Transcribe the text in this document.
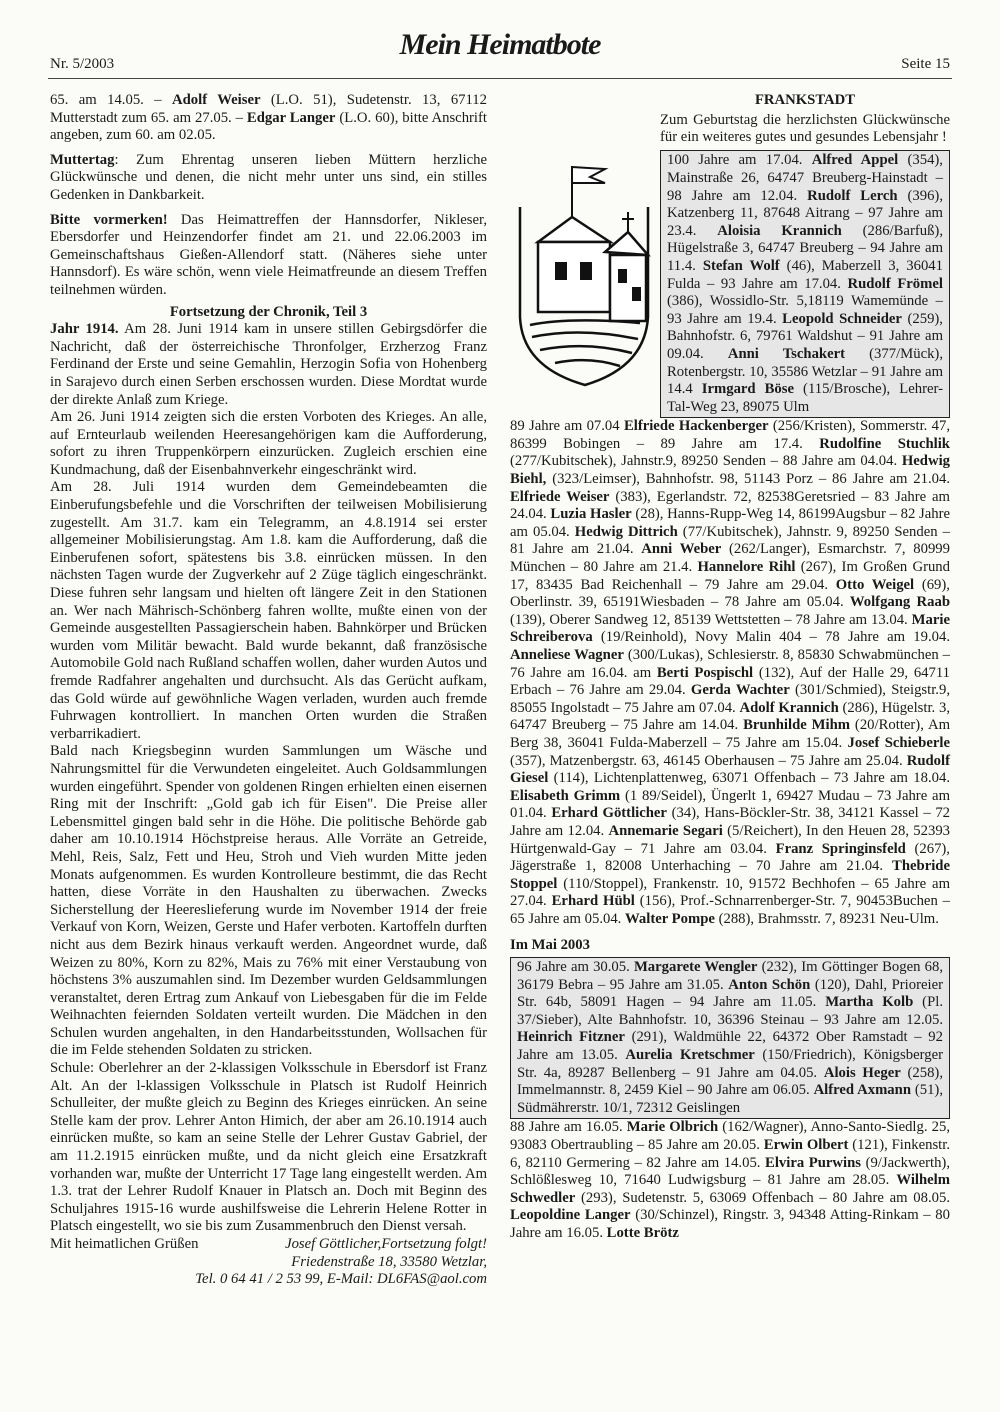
Nr. 5/2003
Mein Heimatbote
Seite 15

65. am 14.05. – Adolf Weiser (L.O. 51), Sudetenstr. 13, 67112 Mutterstadt zum 65. am 27.05. – Edgar Langer (L.O. 60), bitte Anschrift angeben, zum 60. am 02.05.

Muttertag: Zum Ehrentag unseren lieben Müttern herzliche Glückwünsche und denen, die nicht mehr unter uns sind, ein stilles Gedenken in Dankbarkeit.

Bitte vormerken! Das Heimattreffen der Hannsdorfer, Nikleser, Ebersdorfer und Heinzendorfer findet am 21. und 22.06.2003 im Gemeinschaftshaus Gießen-Allendorf statt. (Näheres siehe unter Hannsdorf). Es wäre schön, wenn viele Heimatfreunde an diesem Treffen teilnehmen würden.

Fortsetzung der Chronik, Teil 3

Jahr 1914. Am 28. Juni 1914 kam in unsere stillen Gebirgsdörfer die Nachricht, daß der österreichische Thronfolger, Erzherzog Franz Ferdinand der Erste und seine Gemahlin, Herzogin Sofia von Hohenberg in Sarajevo durch einen Serben erschossen wurden. Diese Mordtat wurde der direkte Anlaß zum Kriege.

Am 26. Juni 1914 zeigten sich die ersten Vorboten des Krieges. An alle, auf Ernteurlaub weilenden Heeresangehörigen kam die Aufforderung, sofort zu ihren Truppenkörpern einzurücken. Zugleich erschien eine Kundmachung, daß der Eisenbahnverkehr eingeschränkt wird.

Am 28. Juli 1914 wurden dem Gemeindebeamten die Einberufungsbefehle und die Vorschriften der teilweisen Mobilisierung zugestellt. Am 31.7. kam ein Telegramm, an 4.8.1914 sei erster allgemeiner Mobilisierungstag. Am 1.8. kam die Aufforderung, daß die Einberufenen sofort, spätestens bis 3.8. einrücken müssen. In den nächsten Tagen wurde der Zugverkehr auf 2 Züge täglich eingeschränkt. Diese fuhren sehr langsam und hielten oft längere Zeit in den Stationen an. Wer nach Mährisch-Schönberg fahren wollte, mußte einen von der Gemeinde ausgestellten Passagierschein haben. Bahnkörper und Brücken wurden vom Militär bewacht. Bald wurde bekannt, daß französische Automobile Gold nach Rußland schaffen wollen, daher wurden Autos und fremde Radfahrer angehalten und durchsucht. Als das Gerücht aufkam, das Gold würde auf gewöhnliche Wagen verladen, wurden auch fremde Fuhrwagen kontrolliert. In manchen Orten wurden die Straßen verbarrikadiert.

Bald nach Kriegsbeginn wurden Sammlungen um Wäsche und Nahrungsmittel für die Verwundeten eingeleitet. Auch Goldsammlungen wurden eingeführt. Spender von goldenen Ringen erhielten einen eisernen Ring mit der Inschrift: „Gold gab ich für Eisen". Die Preise aller Lebensmittel gingen bald sehr in die Höhe. Die politische Behörde gab daher am 10.10.1914 Höchstpreise heraus. Alle Vorräte an Getreide, Mehl, Reis, Salz, Fett und Heu, Stroh und Vieh wurden Mitte jeden Monats aufgenommen. Es wurden Kontrolleure bestimmt, die das Recht hatten, diese Vorräte in den Haushalten zu überwachen. Zwecks Sicherstellung der Heereslieferung wurde im November 1914 der freie Verkauf von Korn, Weizen, Gerste und Hafer verboten. Kartoffeln durften nicht aus dem Bezirk hinaus verkauft werden. Angeordnet wurde, daß Weizen zu 80%, Korn zu 82%, Mais zu 76% mit einer Verstaubung von höchstens 3% auszumahlen sind. Im Dezember wurden Geldsammlungen veranstaltet, deren Ertrag zum Ankauf von Liebesgaben für die im Felde Weihnachten feiernden Soldaten verteilt wurden. Die Mädchen in den Schulen wurden angehalten, in den Handarbeitsstunden, Wollsachen für die im Felde stehenden Soldaten zu stricken.

Schule: Oberlehrer an der 2-klassigen Volksschule in Ebersdorf ist Franz Alt. An der l-klassigen Volksschule in Platsch ist Rudolf Heinrich Schulleiter, der mußte gleich zu Beginn des Krieges einrücken. An seine Stelle kam der prov. Lehrer Anton Himich, der aber am 26.10.1914 auch einrücken mußte, so kam an seine Stelle der Lehrer Gustav Gabriel, der am 11.2.1915 einrücken mußte, und da nicht gleich eine Ersatzkraft vorhanden war, mußte der Unterricht 17 Tage lang eingestellt werden. Am 1.3. trat der Lehrer Rudolf Knauer in Platsch an. Doch mit Beginn des Schuljahres 1915-16 wurde aushilfsweise die Lehrerin Helene Rotter in Platsch eingestellt, wo sie bis zum Zusammenbruch den Dienst versah.
Fortsetzung folgt!

Mit heimatlichen Grüßen	Josef Göttlicher,

Friedenstraße 18, 33580 Wetzlar,

Tel. 0 64 41 / 2 53 99, E-Mail: DL6FAS@aol.com

FRANKSTADT

Zum Geburtstag die herzlichsten Glückwünsche für ein weiteres gutes und gesundes Lebensjahr !

100 Jahre am 17.04. Alfred Appel (354), Mainstraße 26, 64747 Breuberg-Hainstadt – 98 Jahre am 12.04. Rudolf Lerch (396), Katzenberg 11, 87648 Aitrang – 97 Jahre am 23.4. Aloisia Krannich (286/Barfuß), Hügelstraße 3, 64747 Breuberg – 94 Jahre am 11.4. Stefan Wolf (46), Maberzell 3, 36041 Fulda – 93 Jahre am 17.04. Rudolf Frömel (386), Wossidlo-Str. 5,18119 Wamemünde – 93 Jahre am 19.4. Leopold Schneider (259), Bahnhofstr. 6, 79761 Waldshut – 91 Jahre am 09.04. Anni Tschakert (377/Mück), Rotenbergstr. 10, 35586 Wetzlar – 91 Jahre am 14.4 Irmgard Böse (115/Brosche), Lehrer-Tal-Weg 23, 89075 Ulm

89 Jahre am 07.04 Elfriede Hackenberger (256/Kristen), Sommerstr. 47, 86399 Bobingen – 89 Jahre am 17.4. Rudolfine Stuchlik (277/Kubitschek), Jahnstr.9, 89250 Senden – 88 Jahre am 04.04. Hedwig Biehl, (323/Leimser), Bahnhofstr. 98, 51143 Porz – 86 Jahre am 21.04. Elfriede Weiser (383), Egerlandstr. 72, 82538Geretsried – 83 Jahre am 24.04. Luzia Hasler (28), Hanns-Rupp-Weg 14, 86199Augsbur – 82 Jahre am 05.04. Hedwig Dittrich (77/Kubitschek), Jahnstr. 9, 89250 Senden – 81 Jahre am 21.04. Anni Weber (262/Langer), Esmarchstr. 7, 80999 München – 80 Jahre am 21.4. Hannelore Rihl (267), Im Großen Grund 17, 83435 Bad Reichenhall – 79 Jahre am 29.04. Otto Weigel (69), Oberlinstr. 39, 65191Wiesbaden – 78 Jahre am 05.04. Wolfgang Raab (139), Oberer Sandweg 12, 85139 Wettstetten – 78 Jahre am 13.04. Marie Schreiberova (19/Reinhold), Novy Malin 404 – 78 Jahre am 19.04. Anneliese Wagner (300/Lukas), Schlesierstr. 8, 85830 Schwabmünchen – 76 Jahre am 16.04. am Berti Pospischl (132), Auf der Halle 29, 64711 Erbach – 76 Jahre am 29.04. Gerda Wachter (301/Schmied), Steigstr.9, 85055 Ingolstadt – 75 Jahre am 07.04. Adolf Krannich (286), Hügelstr. 3, 64747 Breuberg – 75 Jahre am 14.04. Brunhilde Mihm (20/Rotter), Am Berg 38, 36041 Fulda-Maberzell – 75 Jahre am 15.04. Josef Schieberle (357), Matzenbergstr. 63, 46145 Oberhausen – 75 Jahre am 25.04. Rudolf Giesel (114), Lichtenplattenweg, 63071 Offenbach – 73 Jahre am 18.04. Elisabeth Grimm (1 89/Seidel), Üngerlt 1, 69427 Mudau – 73 Jahre am 01.04. Erhard Göttlicher (34), Hans-Böckler-Str. 38, 34121 Kassel – 72 Jahre am 12.04. Annemarie Segari (5/Reichert), In den Heuen 28, 52393 Hürtgenwald-Gay – 71 Jahre am 03.04. Franz Springinsfeld (267), Jägerstraße 1, 82008 Unterhaching – 70 Jahre am 21.04. Thebride Stoppel (110/Stoppel), Frankenstr. 10, 91572 Bechhofen – 65 Jahre am 27.04. Erhard Hübl (156), Prof.-Schnarrenberger-Str. 7, 90453Buchen – 65 Jahre am 05.04. Walter Pompe (288), Brahmsstr. 7, 89231 Neu-Ulm.

Im Mai 2003

96 Jahre am 30.05. Margarete Wengler (232), Im Göttinger Bogen 68, 36179 Bebra – 95 Jahre am 31.05. Anton Schön (120), Dahl, Prioreier Str. 64b, 58091 Hagen – 94 Jahre am 11.05. Martha Kolb (Pl. 37/Sieber), Alte Bahnhofstr. 10, 36396 Steinau – 93 Jahre am 12.05. Heinrich Fitzner (291), Waldmühle 22, 64372 Ober Ramstadt – 92 Jahre am 13.05. Aurelia Kretschmer (150/Friedrich), Königsberger Str. 4a, 89287 Bellenberg – 91 Jahre am 04.05. Alois Heger (258), Immelmannstr. 8, 2459 Kiel – 90 Jahre am 06.05. Alfred Axmann (51), Südmährerstr. 10/1, 72312 Geislingen

88 Jahre am 16.05. Marie Olbrich (162/Wagner), Anno-Santo-Siedlg. 25, 93083 Obertraubling – 85 Jahre am 20.05. Erwin Olbert (121), Finkenstr. 6, 82110 Germering – 82 Jahre am 14.05. Elvira Purwins (9/Jackwerth), Schlößlesweg 10, 71640 Ludwigsburg – 81 Jahre am 28.05. Wilhelm Schwedler (293), Sudetenstr. 5, 63069 Offenbach – 80 Jahre am 08.05. Leopoldine Langer (30/Schinzel), Ringstr. 3, 94348 Atting-Rinkam – 80 Jahre am 16.05. Lotte Brötz
